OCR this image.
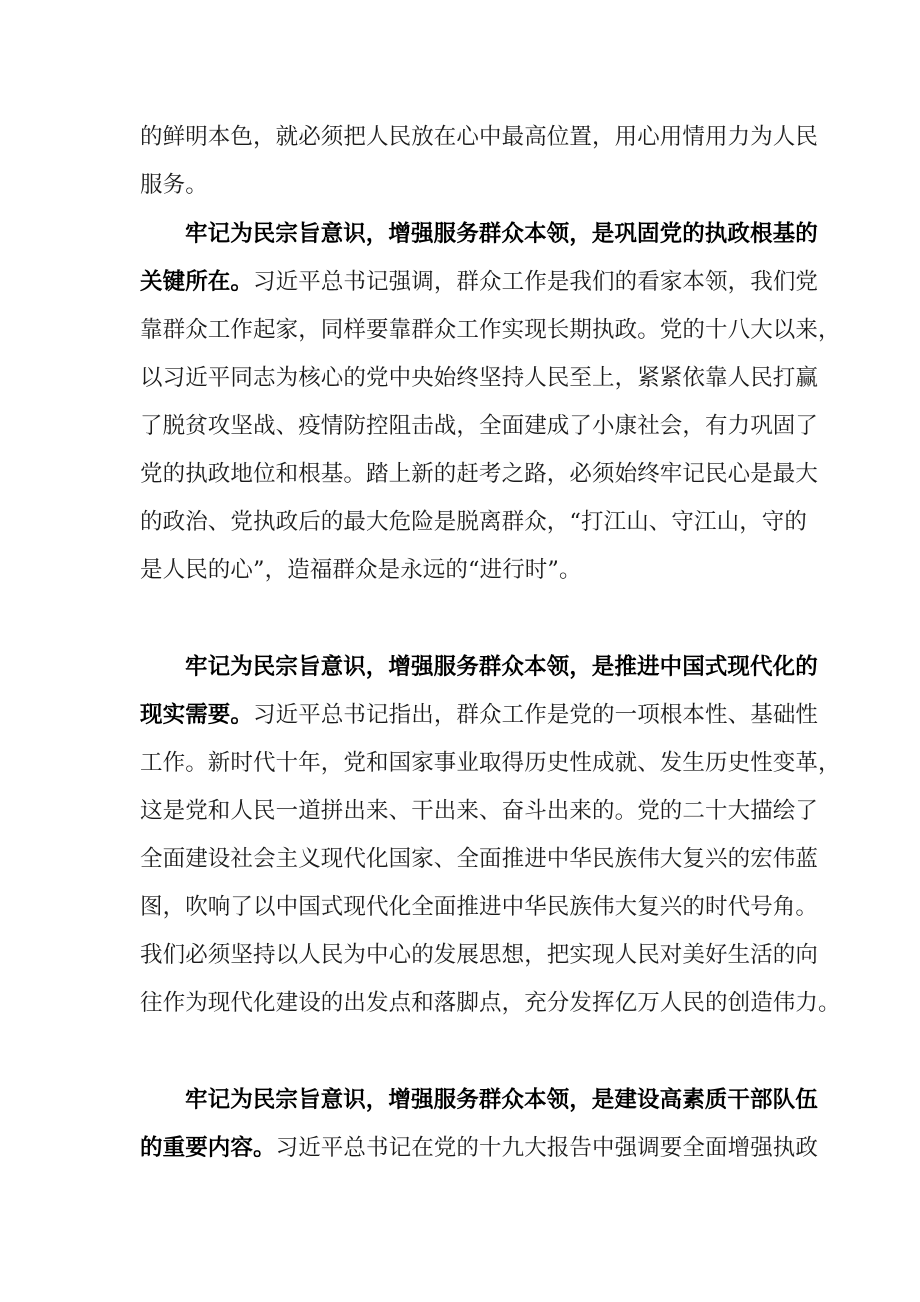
的鲜明本色，就必须把人民放在心中最高位置，用心用情用力为人民

服务。

牢记为民宗旨意识，增强服务群众本领，是巩固党的执政根基的

关键所在。习近平总书记强调，群众工作是我们的看家本领，我们党

靠群众工作起家，同样要靠群众工作实现长期执政。党的十八大以来，

以习近平同志为核心的党中央始终坚持人民至上，紧紧依靠人民打赢

了脱贫攻坚战、疫情防控阻击战，全面建成了小康社会，有力巩固了

党的执政地位和根基。踏上新的赶考之路，必须始终牢记民心是最大

的政治、党执政后的最大危险是脱离群众，“打江山、守江山，守的

是人民的心”，造福群众是永远的“进行时”。

牢记为民宗旨意识，增强服务群众本领，是推进中国式现代化的

现实需要。习近平总书记指出，群众工作是党的一项根本性、基础性

工作。新时代十年，党和国家事业取得历史性成就、发生历史性变革，

这是党和人民一道拼出来、干出来、奋斗出来的。党的二十大描绘了

全面建设社会主义现代化国家、全面推进中华民族伟大复兴的宏伟蓝

图，吹响了以中国式现代化全面推进中华民族伟大复兴的时代号角。

我们必须坚持以人民为中心的发展思想，把实现人民对美好生活的向

往作为现代化建设的出发点和落脚点，充分发挥亿万人民的创造伟力。

牢记为民宗旨意识，增强服务群众本领，是建设高素质干部队伍

的重要内容。习近平总书记在党的十九大报告中强调要全面增强执政
